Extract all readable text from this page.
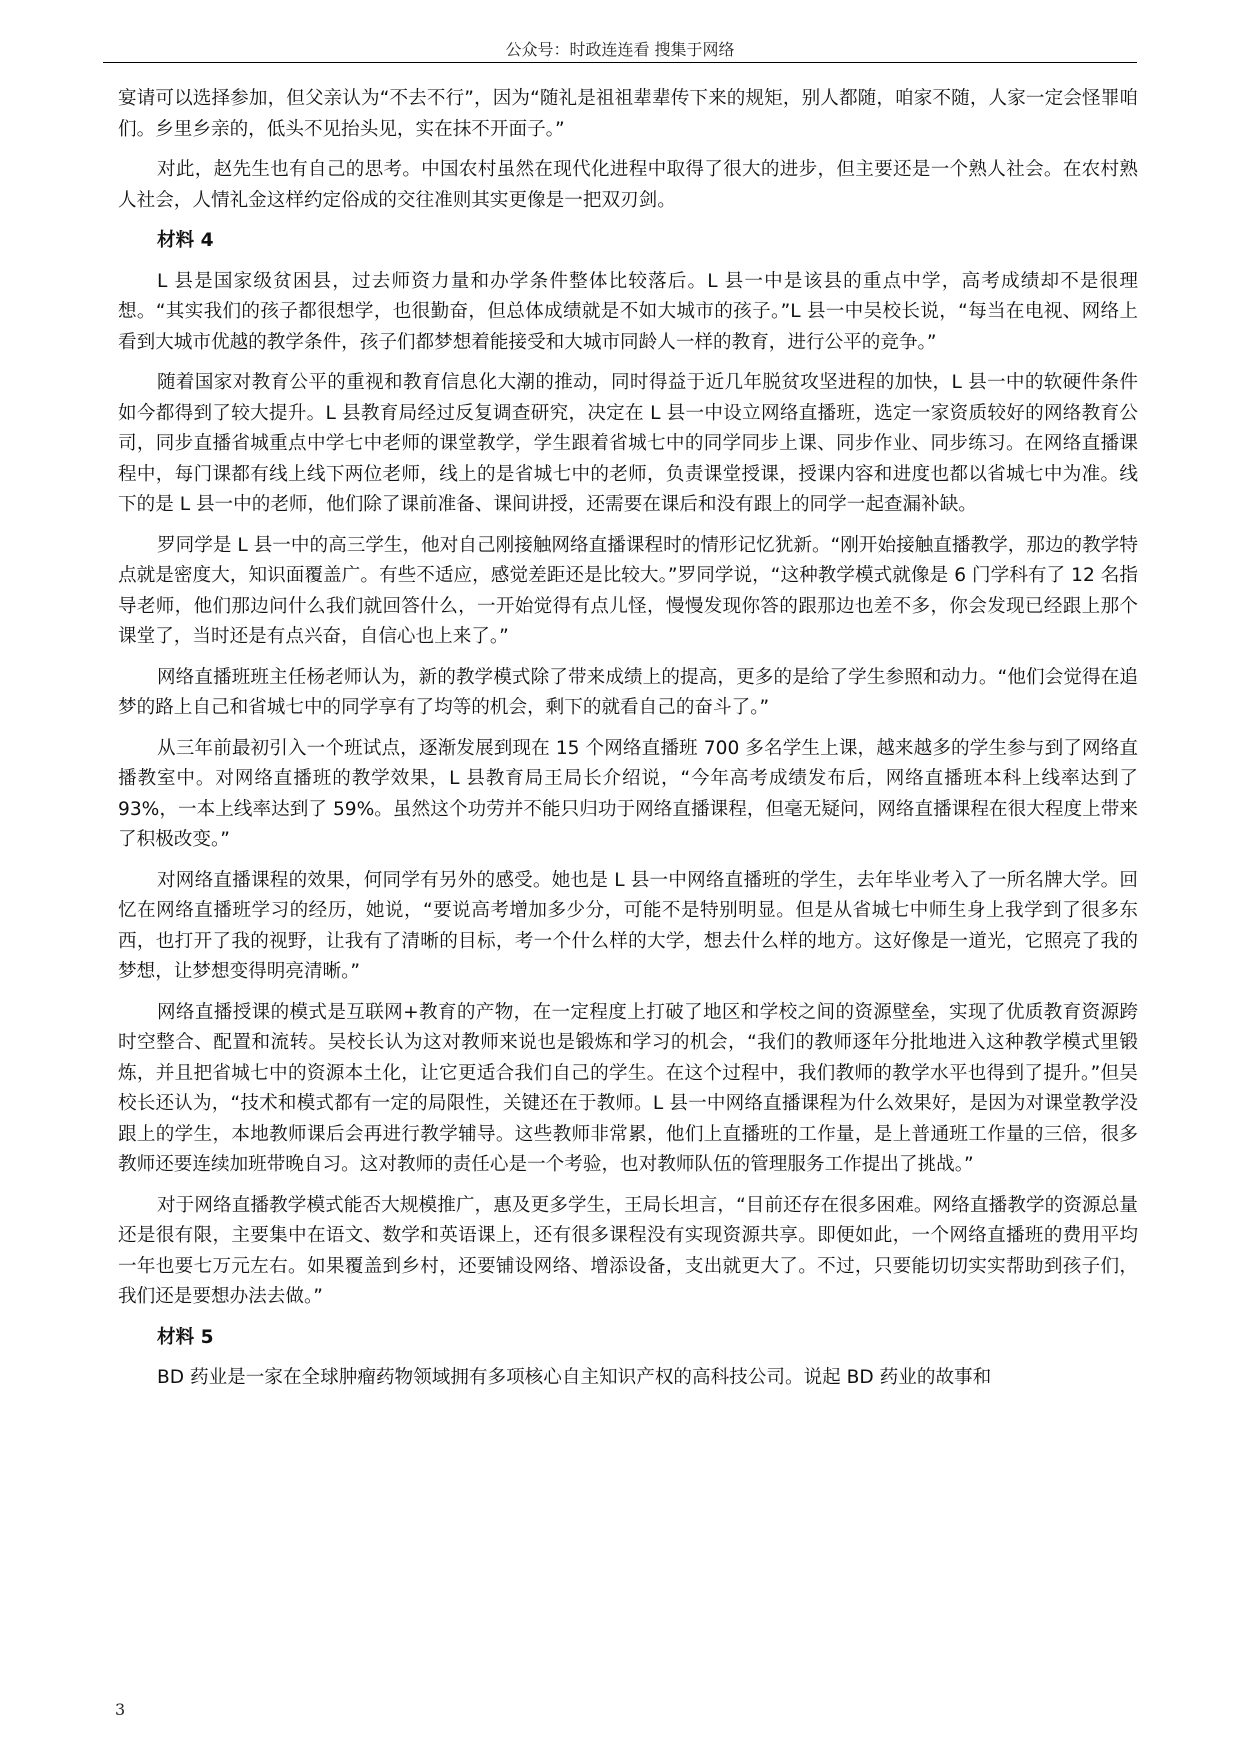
公众号：时政连连看 搜集于网络

宴请可以选择参加，但父亲认为“不去不行”，因为“随礼是祖祖辈辈传下来的规矩，别人都随，咱家不随，人家一定会怪罪咱们。乡里乡亲的，低头不见抬头见，实在抹不开面子。”

对此，赵先生也有自己的思考。中国农村虽然在现代化进程中取得了很大的进步，但主要还是一个熟人社会。在农村熟人社会，人情礼金这样约定俗成的交往准则其实更像是一把双刃剑。

材料 4

L 县是国家级贫困县，过去师资力量和办学条件整体比较落后。L 县一中是该县的重点中学，高考成绩却不是很理想。“其实我们的孩子都很想学，也很勤奋，但总体成绩就是不如大城市的孩子。”L 县一中吴校长说，“每当在电视、网络上看到大城市优越的教学条件，孩子们都梦想着能接受和大城市同龄人一样的教育，进行公平的竞争。”

随着国家对教育公平的重视和教育信息化大潮的推动，同时得益于近几年脱贫攻坚进程的加快，L 县一中的软硬件条件如今都得到了较大提升。L 县教育局经过反复调查研究，决定在 L 县一中设立网络直播班，选定一家资质较好的网络教育公司，同步直播省城重点中学七中老师的课堂教学，学生跟着省城七中的同学同步上课、同步作业、同步练习。在网络直播课程中，每门课都有线上线下两位老师，线上的是省城七中的老师，负责课堂授课，授课内容和进度也都以省城七中为准。线下的是 L 县一中的老师，他们除了课前准备、课间讲授，还需要在课后和没有跟上的同学一起查漏补缺。

罗同学是 L 县一中的高三学生，他对自己刚接触网络直播课程时的情形记忆犹新。“刚开始接触直播教学，那边的教学特点就是密度大，知识面覆盖广。有些不适应，感觉差距还是比较大。”罗同学说，“这种教学模式就像是 6 门学科有了 12 名指导老师，他们那边问什么我们就回答什么，一开始觉得有点儿怪，慢慢发现你答的跟那边也差不多，你会发现已经跟上那个课堂了，当时还是有点兴奋，自信心也上来了。”

网络直播班班主任杨老师认为，新的教学模式除了带来成绩上的提高，更多的是给了学生参照和动力。“他们会觉得在追梦的路上自己和省城七中的同学享有了均等的机会，剩下的就看自己的奋斗了。”

从三年前最初引入一个班试点，逐渐发展到现在 15 个网络直播班 700 多名学生上课，越来越多的学生参与到了网络直播教室中。对网络直播班的教学效果，L 县教育局王局长介绍说，“今年高考成绩发布后，网络直播班本科上线率达到了 93%，一本上线率达到了 59%。虽然这个功劳并不能只归功于网络直播课程，但毫无疑问，网络直播课程在很大程度上带来了积极改变。”

对网络直播课程的效果，何同学有另外的感受。她也是 L 县一中网络直播班的学生，去年毕业考入了一所名牌大学。回忆在网络直播班学习的经历，她说，“要说高考增加多少分，可能不是特别明显。但是从省城七中师生身上我学到了很多东西，也打开了我的视野，让我有了清晰的目标，考一个什么样的大学，想去什么样的地方。这好像是一道光，它照亮了我的梦想，让梦想变得明亮清晰。”

网络直播授课的模式是互联网+教育的产物，在一定程度上打破了地区和学校之间的资源壁垒，实现了优质教育资源跨时空整合、配置和流转。吴校长认为这对教师来说也是锻炼和学习的机会，“我们的教师逐年分批地进入这种教学模式里锻炼，并且把省城七中的资源本土化，让它更适合我们自己的学生。在这个过程中，我们教师的教学水平也得到了提升。”但吴校长还认为，“技术和模式都有一定的局限性，关键还在于教师。L 县一中网络直播课程为什么效果好，是因为对课堂教学没跟上的学生，本地教师课后会再进行教学辅导。这些教师非常累，他们上直播班的工作量，是上普通班工作量的三倍，很多教师还要连续加班带晚自习。这对教师的责任心是一个考验，也对教师队伍的管理服务工作提出了挑战。”

对于网络直播教学模式能否大规模推广，惠及更多学生，王局长坦言，“目前还存在很多困难。网络直播教学的资源总量还是很有限，主要集中在语文、数学和英语课上，还有很多课程没有实现资源共享。即便如此，一个网络直播班的费用平均一年也要七万元左右。如果覆盖到乡村，还要铺设网络、增添设备，支出就更大了。不过，只要能切切实实帮助到孩子们，我们还是要想办法去做。”

材料 5

BD 药业是一家在全球肿瘤药物领域拥有多项核心自主知识产权的高科技公司。说起 BD 药业的故事和

3
